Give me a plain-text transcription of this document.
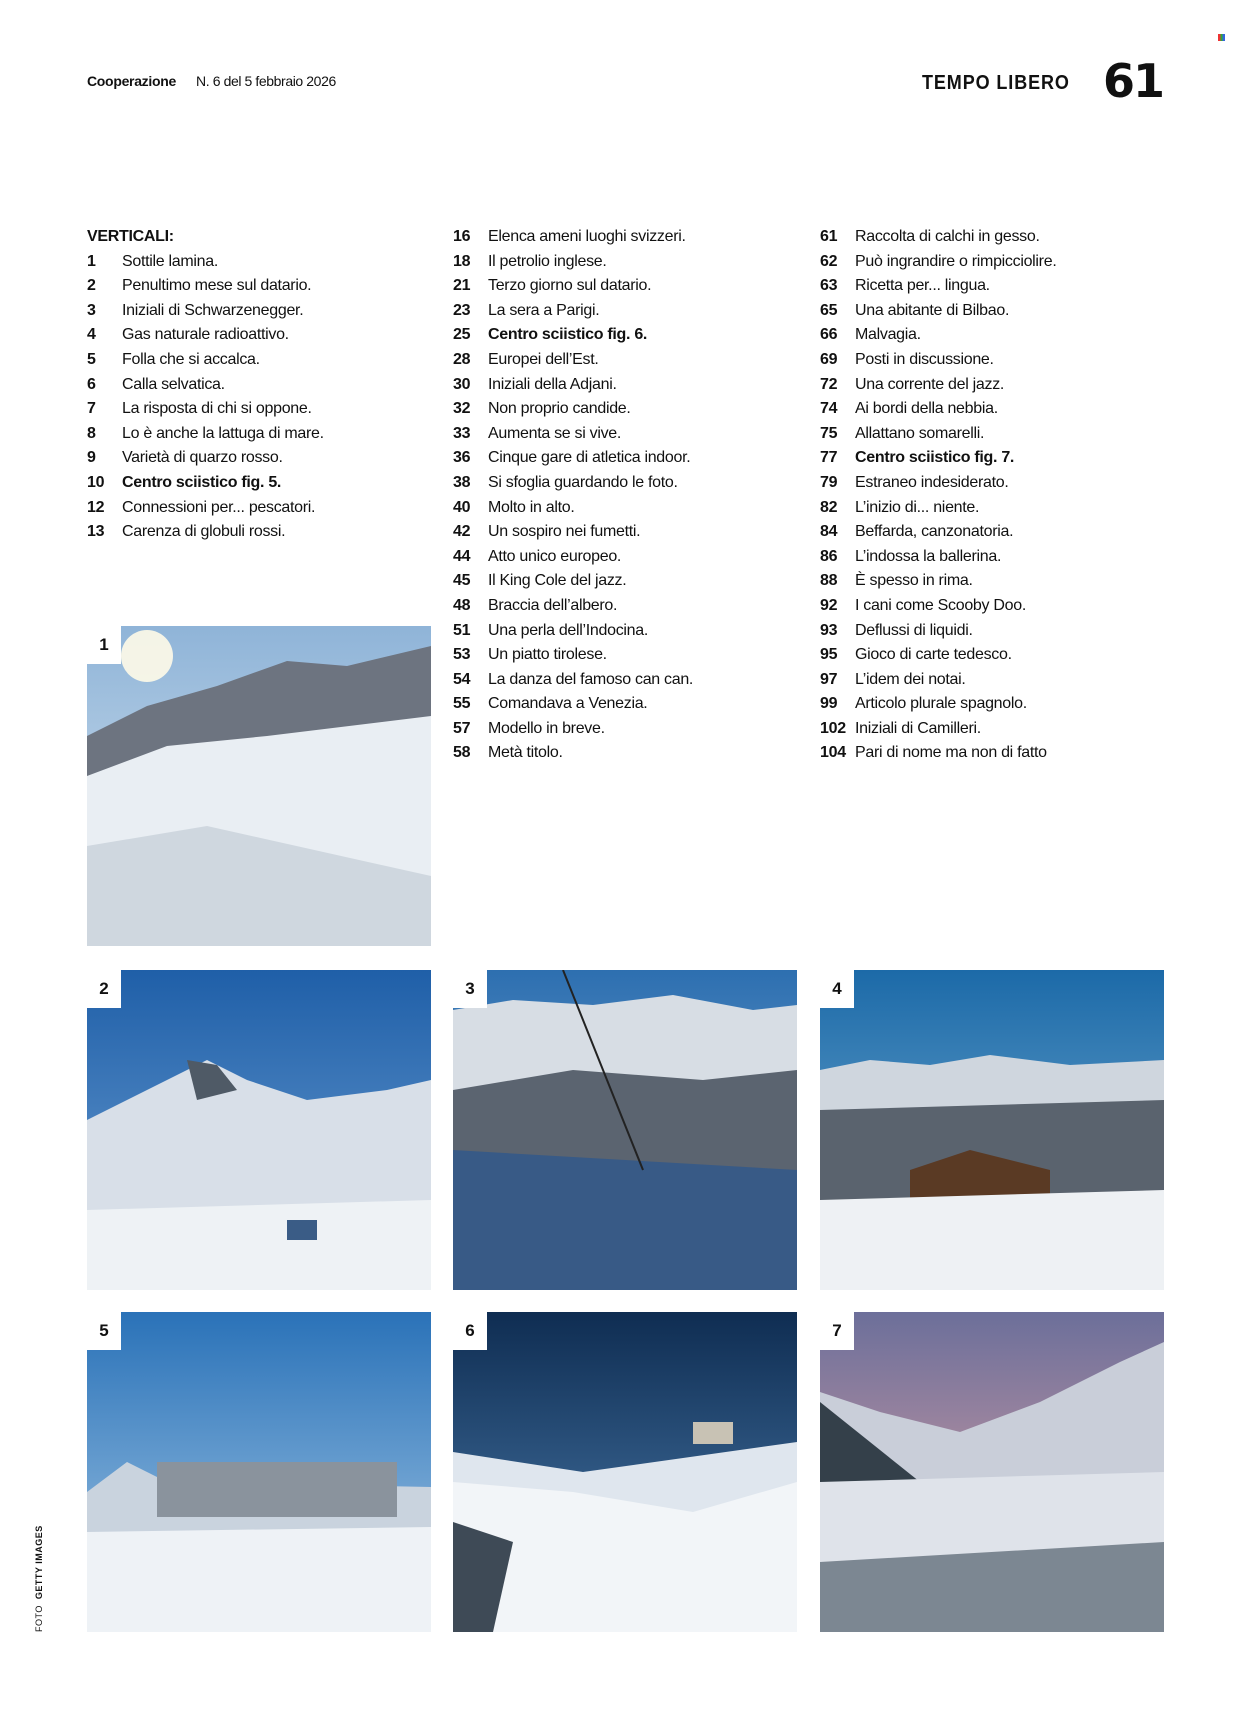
Cooperazione N. 6 del 5 febbraio 2026	TEMPO LIBERO 61
VERTICALI:
1	Sottile lamina.
2	Penultimo mese sul datario.
3	Iniziali di Schwarzenegger.
4	Gas naturale radioattivo.
5	Folla che si accalca.
6	Calla selvatica.
7	La risposta di chi si oppone.
8	Lo è anche la lattuga di mare.
9	Varietà di quarzo rosso.
10	Centro sciistico fig. 5.
12	Connessioni per... pescatori.
13	Carenza di globuli rossi.
16	Elenca ameni luoghi svizzeri.
18	Il petrolio inglese.
21	Terzo giorno sul datario.
23	La sera a Parigi.
25	Centro sciistico fig. 6.
28	Europei dell’Est.
30	Iniziali della Adjani.
32	Non proprio candide.
33	Aumenta se si vive.
36	Cinque gare di atletica indoor.
38	Si sfoglia guardando le foto.
40	Molto in alto.
42	Un sospiro nei fumetti.
44	Atto unico europeo.
45	Il King Cole del jazz.
48	Braccia dell’albero.
51	Una perla dell’Indocina.
53	Un piatto tirolese.
54	La danza del famoso can can.
55	Comandava a Venezia.
57	Modello in breve.
58	Metà titolo.
61	Raccolta di calchi in gesso.
62	Può ingrandire o rimpicciolire.
63	Ricetta per... lingua.
65	Una abitante di Bilbao.
66	Malvagia.
69	Posti in discussione.
72	Una corrente del jazz.
74	Ai bordi della nebbia.
75	Allattano somarelli.
77	Centro sciistico fig. 7.
79	Estraneo indesiderato.
82	L’inizio di... niente.
84	Beffarda, canzonatoria.
86	L’indossa la ballerina.
88	È spesso in rima.
92	I cani come Scooby Doo.
93	Deflussi di liquidi.
95	Gioco di carte tedesco.
97	L’idem dei notai.
99	Articolo plurale spagnolo.
102 Iniziali di Camilleri.
104 Pari di nome ma non di fatto
1
2	3	4
5	6	7
FOTO  GETTY IMAGES
